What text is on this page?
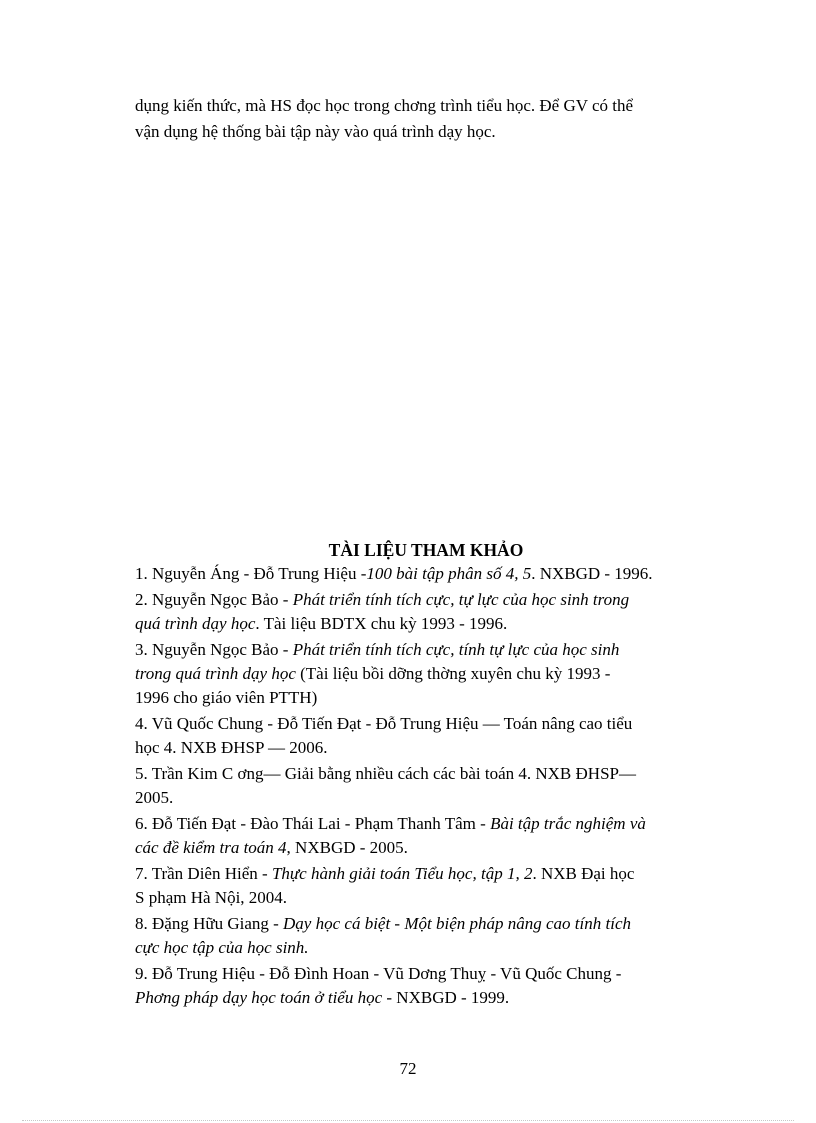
dụng kiến thức, mà HS đọc học trong chơng trình tiểu học. Để GV có thể
vận dụng hệ thống bài tập này vào quá trình dạy học.
TÀI LIỆU THAM KHẢO
1. Nguyễn Áng - Đỗ Trung Hiệu -100 bài tập phân số 4, 5. NXBGD - 1996.
2. Nguyễn Ngọc Bảo - Phát triển tính tích cực, tự lực của học sinh trong
quá trình dạy học. Tài liệu BDTX chu kỳ 1993 - 1996.
3. Nguyễn Ngọc Bảo - Phát triển tính tích cực, tính tự lực của học sinh
trong quá trình dạy học (Tài liệu bồi dỡng thờng xuyên chu kỳ 1993 -
1996 cho giáo viên PTTH)
4. Vũ Quốc Chung - Đỗ Tiến Đạt - Đỗ Trung Hiệu — Toán nâng cao tiểu
học 4. NXB ĐHSP — 2006.
5. Trần Kim C ơng— Giải bằng nhiều cách các bài toán 4. NXB ĐHSP—
2005.
6. Đỗ Tiến Đạt - Đào Thái Lai - Phạm Thanh Tâm - Bài tập trắc nghiệm và
các đề kiểm tra toán 4, NXBGD - 2005.
7. Trần Diên Hiển - Thực hành giải toán Tiểu học, tập 1, 2. NXB Đại học
S phạm Hà Nội, 2004.
8. Đặng Hữu Giang - Dạy học cá biệt - Một biện pháp nâng cao tính tích
cực học tập của học sinh.
9. Đỗ Trung Hiệu - Đỗ Đình Hoan - Vũ Dơng Thuỵ - Vũ Quốc Chung -
Phơng pháp dạy học toán ở tiểu học - NXBGD - 1999.
72
